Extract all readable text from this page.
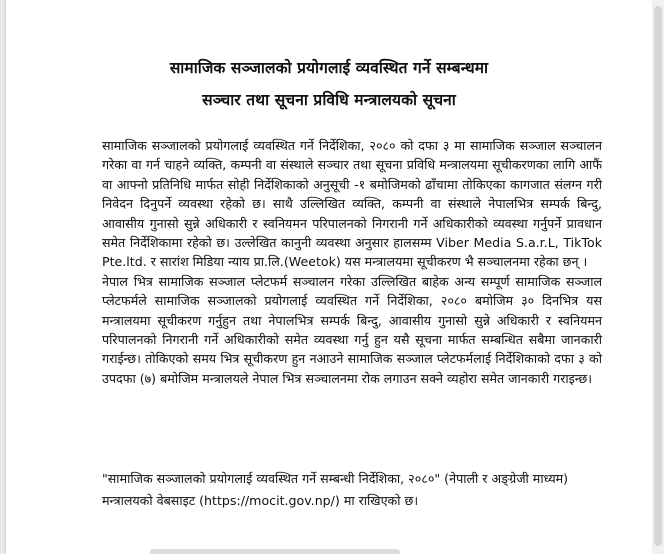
सामाजिक सञ्जालको प्रयोगलाई व्यवस्थित गर्ने सम्बन्धमा
सञ्चार तथा सूचना प्रविधि मन्त्रालयको सूचना

सामाजिक सञ्जालको प्रयोगलाई व्यवस्थित गर्ने निर्देशिका, २०८० को दफा ३ मा सामाजिक सञ्जाल सञ्चालन गरेका वा गर्न चाहने व्यक्ति, कम्पनी वा संस्थाले सञ्चार तथा सूचना प्रविधि मन्त्रालयमा सूचीकरणका लागि आफैं वा आफ्नो प्रतिनिधि मार्फत सोही निर्देशिकाको अनुसूची -१ बमोजिमको ढाँचामा तोकिएका कागजात संलग्न गरी निवेदन दिनुपर्ने व्यवस्था रहेको छ। साथै उल्लिखित व्यक्ति, कम्पनी वा संस्थाले नेपालभित्र सम्पर्क बिन्दु, आवासीय गुनासो सुन्ने अधिकारी र स्वनियमन परिपालनको निगरानी गर्ने अधिकारीको व्यवस्था गर्नुपर्ने प्रावधान समेत निर्देशिकामा रहेको छ। उल्लेखित कानुनी व्यवस्था अनुसार हालसम्म Viber Media S.a.r.L, TikTok Pte.ltd. र सारांश मिडिया न्याय प्रा.लि.(Weetok) यस मन्त्रालयमा सूचीकरण भै सञ्चालनमा रहेका छन् ।

नेपाल भित्र सामाजिक सञ्जाल प्लेटफर्म सञ्चालन गरेका उल्लिखित बाहेक अन्य सम्पूर्ण सामाजिक सञ्जाल प्लेटफर्मले सामाजिक सञ्जालको प्रयोगलाई व्यवस्थित गर्ने निर्देशिका, २०८० बमोजिम ३० दिनभित्र यस मन्त्रालयमा सूचीकरण गर्नुहुन तथा नेपालभित्र सम्पर्क बिन्दु, आवासीय गुनासो सुन्ने अधिकारी र स्वनियमन परिपालनको निगरानी गर्ने अधिकारीको समेत व्यवस्था गर्नु हुन यसै सूचना मार्फत सम्बन्धित सबैमा जानकारी गराईन्छ। तोकिएको समय भित्र सूचीकरण हुन नआउने सामाजिक सञ्जाल प्लेटफर्मलाई निर्देशिकाको दफा ३ को उपदफा (७) बमोजिम मन्त्रालयले नेपाल भित्र सञ्चालनमा रोक लगाउन सक्ने व्यहोरा समेत जानकारी गराइन्छ।

"सामाजिक सञ्जालको प्रयोगलाई व्यवस्थित गर्ने सम्बन्धी निर्देशिका, २०८०" (नेपाली र अङ्ग्रेजी माध्यम) मन्त्रालयको वेबसाइट (https://mocit.gov.np/) मा राखिएको छ।
